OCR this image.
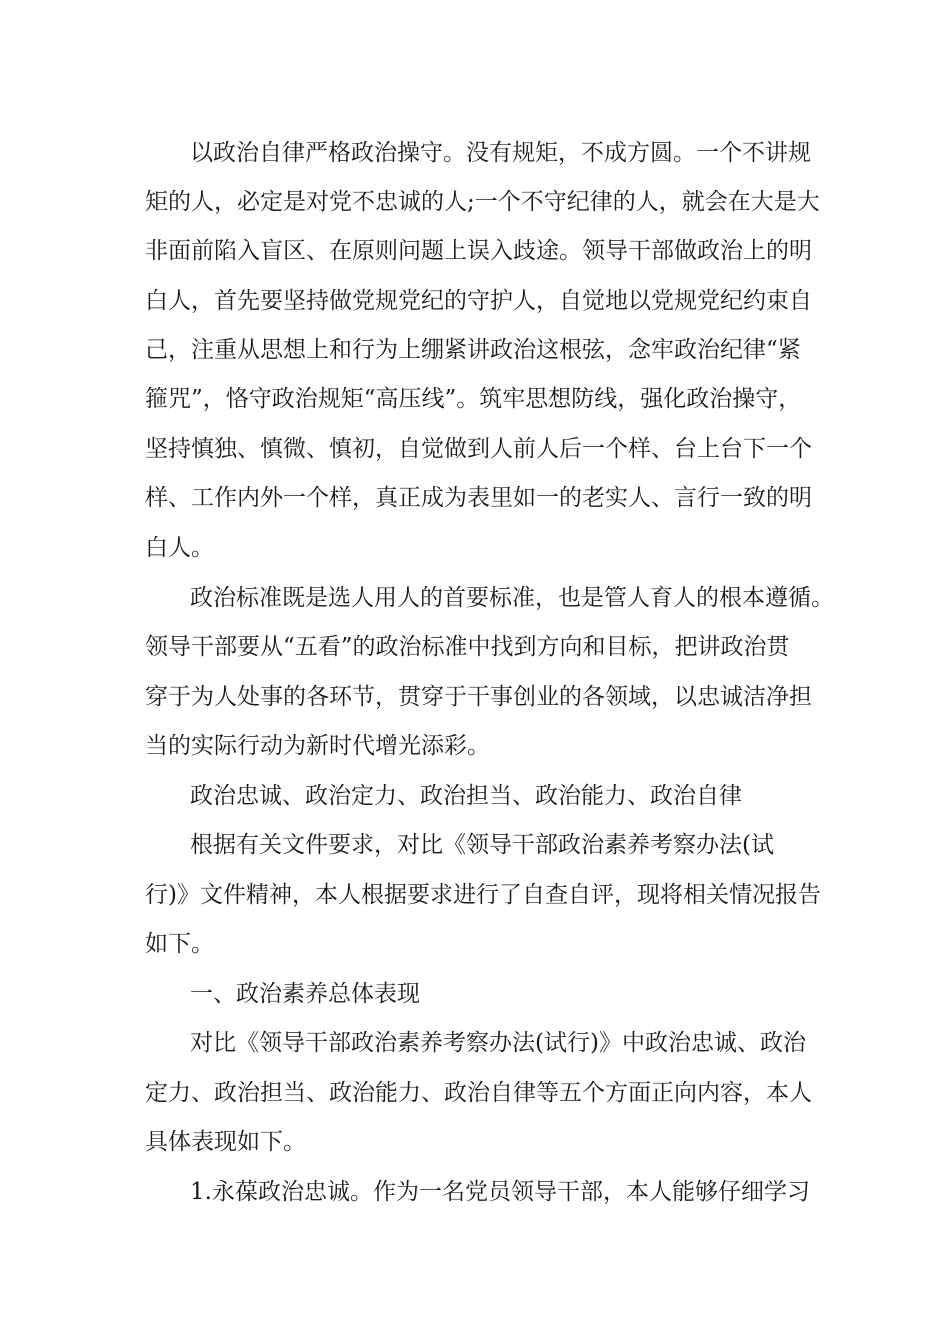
以政治自律严格政治操守。没有规矩，不成方圆。一个不讲规

矩的人，必定是对党不忠诚的人;一个不守纪律的人，就会在大是大

非面前陷入盲区、在原则问题上误入歧途。领导干部做政治上的明

白人，首先要坚持做党规党纪的守护人，自觉地以党规党纪约束自

己，注重从思想上和行为上绷紧讲政治这根弦，念牢政治纪律“紧

箍咒”，恪守政治规矩“高压线”。筑牢思想防线，强化政治操守，

坚持慎独、慎微、慎初，自觉做到人前人后一个样、台上台下一个

样、工作内外一个样，真正成为表里如一的老实人、言行一致的明

白人。

政治标准既是选人用人的首要标准，也是管人育人的根本遵循。

领导干部要从“五看”的政治标准中找到方向和目标，把讲政治贯

穿于为人处事的各环节，贯穿于干事创业的各领域，以忠诚洁净担

当的实际行动为新时代增光添彩。

政治忠诚、政治定力、政治担当、政治能力、政治自律

根据有关文件要求，对比《领导干部政治素养考察办法(试

行)》文件精神，本人根据要求进行了自查自评，现将相关情况报告

如下。

一、政治素养总体表现

对比《领导干部政治素养考察办法(试行)》中政治忠诚、政治

定力、政治担当、政治能力、政治自律等五个方面正向内容，本人

具体表现如下。

1.永葆政治忠诚。作为一名党员领导干部，本人能够仔细学习
